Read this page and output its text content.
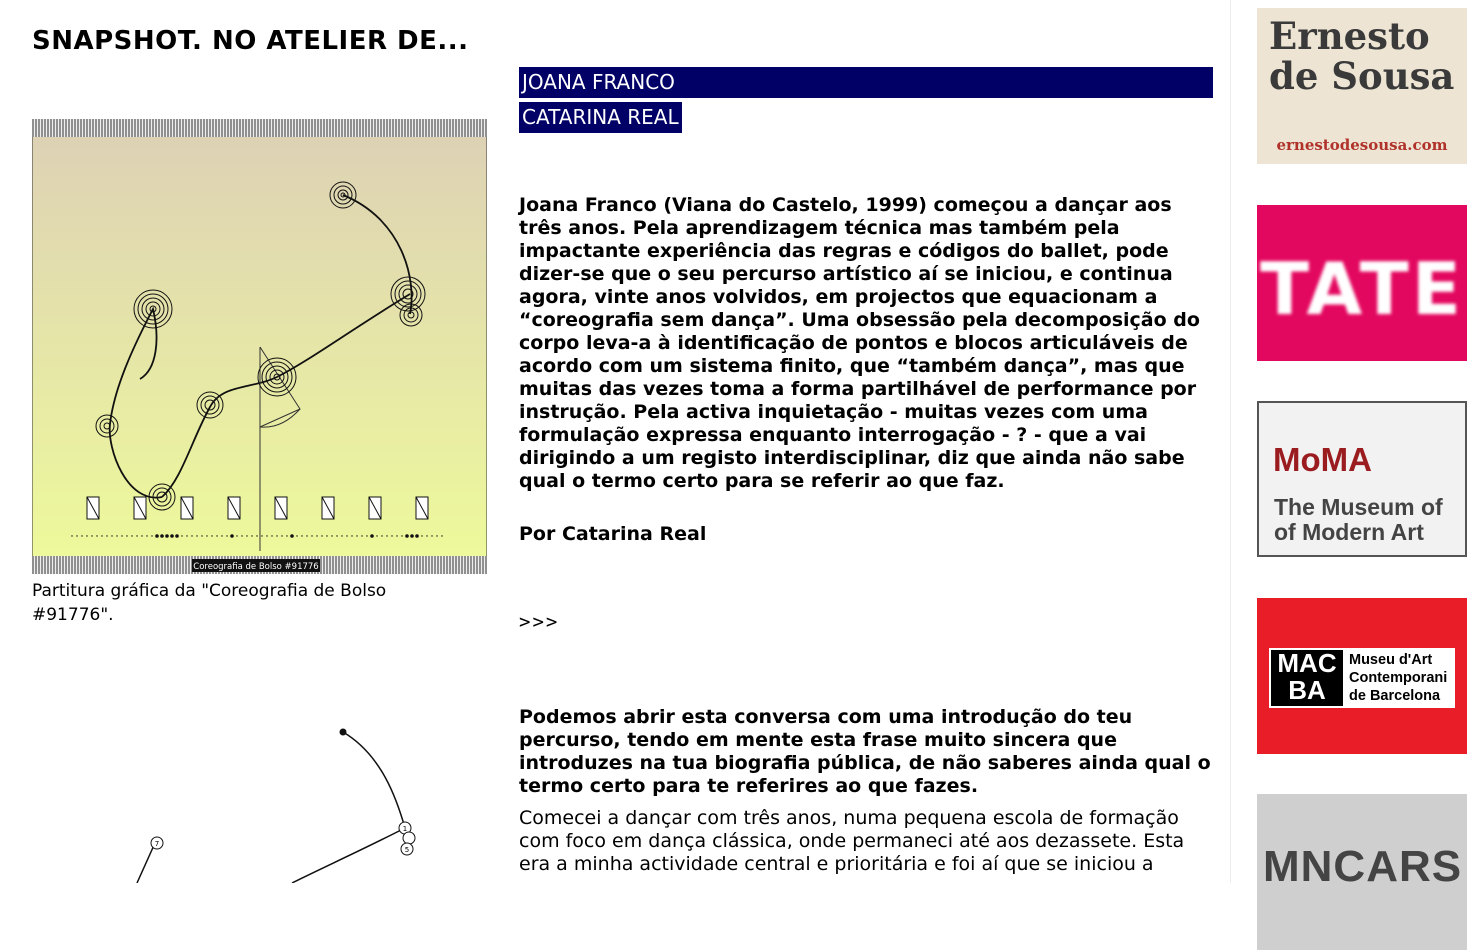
SNAPSHOT. NO ATELIER DE...
JOANA FRANCO
CATARINA REAL
Coreografia de Bolso #91776
Partitura gráfica da "Coreografia de Bolso #91776".
7
1
5
Joana Franco (Viana do Castelo, 1999) começou a dançar aos três anos. Pela aprendizagem técnica mas também pela impactante experiência das regras e códigos do ballet, pode dizer-se que o seu percurso artístico aí se iniciou, e continua agora, vinte anos volvidos, em projectos que equacionam a “coreografia sem dança”. Uma obsessão pela decomposição do corpo leva-a à identificação de pontos e blocos articuláveis de acordo com um sistema finito, que “também dança”, mas que muitas das vezes toma a forma partilhável de performance por instrução. Pela activa inquietação - muitas vezes com uma formulação expressa enquanto interrogação - ? - que a vai dirigindo a um registo interdisciplinar, diz que ainda não sabe qual o termo certo para se referir ao que faz.
Por Catarina Real
>>>
Podemos abrir esta conversa com uma introdução do teu percurso, tendo em mente esta frase muito sincera que introduzes na tua biografia pública, de não saberes ainda qual o termo certo para te referires ao que fazes.
Comecei a dançar com três anos, numa pequena escola de formação com foco em dança clássica, onde permaneci até aos dezassete. Esta era a minha actividade central e prioritária e foi aí que se iniciou a
Ernesto de Sousa
ernestodesousa.com
TATE
MoMA
The Museum of of Modern Art
MAC BA
Museu d'Art Contemporani de Barcelona
MNCARS
